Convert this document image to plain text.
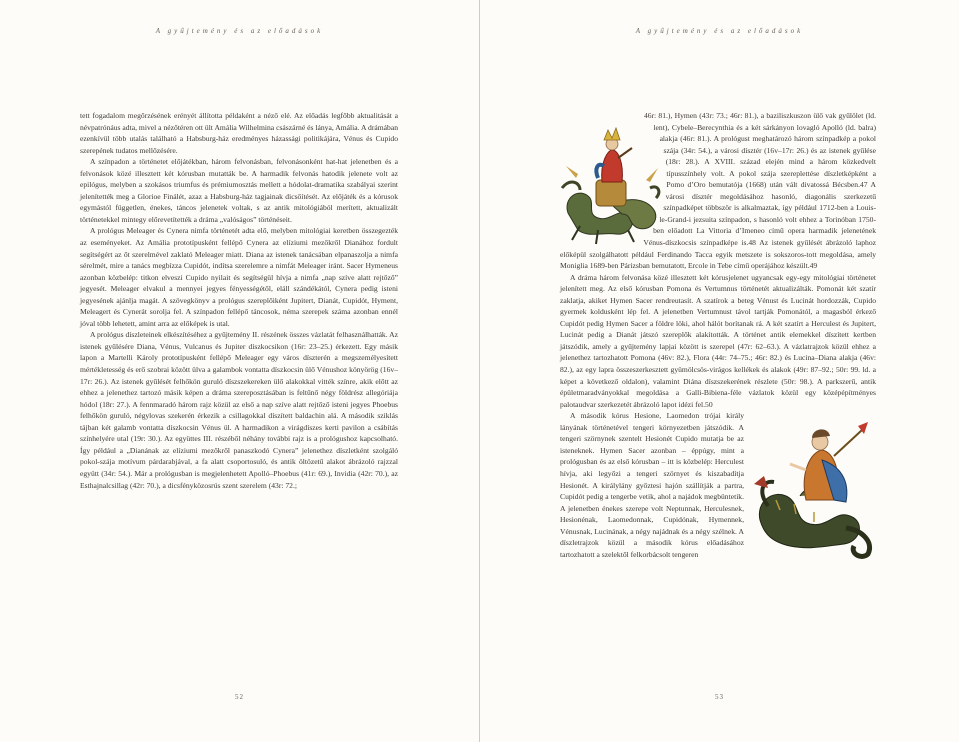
A gyűjtemény és az előadások

tett fogadalom megőrzésének erényét állította példaként a néző elé. Az előadás legfőbb aktualitását a névpatrónáus adta, mivel a nézőtéren ott ült Amália Wilhelmina császárné és lánya, Amália. A drámában ezenkívül több utalás található a Habsburg-ház eredményes házassági politikájára, Vénus és Cupido szerepének tudatos mellőzésére.

A színpadon a történetet előjátékban, három felvonásban, felvonásonként hat-hat jelenetben és a felvonások közé illesztett két kórusban mutatták be. A harmadik felvonás hatodik jelenete volt az epilógus, melyben a szokásos triumfus és prémiumosztás mellett a hódolat-dramatika szabályai szerint jelenítették meg a Glorioe Finálét, azaz a Habsburg-ház tagjainak dicsőítését. Az előjáték és a kórusok egymástól független, énekes, táncos jelenetek voltak, s az antik mitológiából merített, aktualizált történetekkel mintegy előrevetítették a dráma „valóságos” történéseit.

A prológus Meleager és Cynera nimfa történetét adta elő, melyben mitológiai keretben összegezték az eseményeket. Az Amália prototípusként fellépő Cynera az elíziumi mezőkről Dianához fordult segítségért az őt szerelmével zaklató Meleager miatt. Diana az istenek tanácsában elpanaszolja a nimfa sérelmét, mire a tanács megbízza Cupidót, indítsa szerelemre a nimfát Meleager iránt. Sacer Hymeneus azonban közbelép: titkon elveszi Cupido nyilait és segítségül hívja a nimfa „nap szíve alatt rejtőző” jegyesét. Meleager elvakul a mennyei jegyes fényességétől, eláll szándékától, Cynera pedig isteni jegyesének ajánlja magát. A szövegkönyv a prológus szereplőiként Jupitert, Dianát, Cupidót, Hyment, Meleagert és Cynerát sorolja fel. A színpadon fellépő táncosok, néma szerepek száma azonban ennél jóval több lehetett, amint arra az előképek is utal.

A prológus díszleteinek elkészítéséhez a gyűjtemény II. részének összes vázlatát felhasználhatták. Az istenek gyűlésére Diana, Vénus, Vulcanus és Jupiter díszkocsikon (16r: 23–25.) érkezett. Egy másik lapon a Martelli Károly prototípusként fellépő Meleager egy város díszterén a megszemélyesített mértékletesség és erő szobrai között ülva a galambok vontatta díszkocsin ülő Vénushoz könyörög (16v–17r: 26.). Az istenek gyűlését felhőkön guruló díszszekereken ülő alakokkal vitték színre, akik előtt az ehhez a jelenethez tartozó másik képen a dráma szereposztásában is feltűnő négy földrész allegóriája hódol (18r: 27.). A fennmaradó három rajz közül az első a nap szíve alatt rejtőző isteni jegyes Phoebus felhőkön guruló, négylovas szekerén érkezik a csillagokkal díszített baldachin alá. A második sziklás tájban két galamb vontatta díszkocsin Vénus ül. A harmadikon a virágdíszes kerti pavilon a csábítás színhelyére utal (19r: 30.). Az együttes III. részéből néhány további rajz is a prológushoz kapcsolható. Így például a „Dianának az elíziumi mezőkről panaszkodó Cynera” jelenethez díszletként szolgáló pokol-szája motívum párdarabjával, a fa alatt csoportosuló, és antik öltözetű alakot ábrázoló rajzzal együtt (34r: 54.). Már a prológusban is megjelenhetett Apolló–Phoebus (41r: 69.), Invidia (42r: 70.), az Esthajnalcsillag (42r: 70.), a dicsfényközosrús szent szerelem (43r: 72.;

52
A gyűjtemény és az előadások

46r: 81.), Hymen (43r: 73.; 46r: 81.), a baziliszkuszon ülő vak gyűlölet (ld. lent), Cybele–Berecynthia és a két sárkányon lovagló Apolló (ld. balra) alakja (46r: 81.). A prológust meghatározó három színpadkép a pokol szája (34r: 54.), a városi dísztér (16v–17r: 26.) és az istenek gyűlése (18r: 28.). A XVIII. század elején mind a három közkedvelt típusszínhely volt. A pokol szája szereplettése díszletképként a Pomo d’Oro bemutatója (1668) után vált divatossá Bécsben.47 A városi dísztér megoldásához hasonló, diagonális szerkezetű színpadképet többször is alkalmaztak, így például 1712-ben a Louis-le-Grand-i jezsuita színpadon, s hasonló volt ehhez a Torinóban 1750-ben előadott La Vittoria d’Imeneo című opera harmadik jelenetének Vénus-díszkocsis színpadképe is.48 Az istenek gyűlését ábrázoló laphoz előképül szolgálhatott például Ferdinando Tacca egyik metszete is sokszoros-tott megoldása, amely Moniglia 1689-ben Párizsban bemutatott, Ercole in Tebe című operájához készült.49

A dráma három felvonása közé illesztett két kórusjelenet ugyancsak egy-egy mitológiai történetet jelenített meg. Az első kórusban Pomona és Vertumnus történetét aktualizálták. Pomonát két szatír zaklatja, akiket Hymen Sacer rendreutasít. A szatírok a beteg Vénust és Lucinát hordozzák, Cupido gyermek koldusként lép fel. A jelenetben Vertumnust távol tartják Pomonától, a magasból érkező Cupidót pedig Hymen Sacer a földre löki, ahol hálót borítanak rá. A két szatírt a Herculest és Jupitert, Lucinát pedig a Dianát játszó szereplők alakították. A történet antik elemekkel díszített kertben játszódik, amely a gyűjtemény lapjai között is szerepel (47r: 62–63.). A vázlatrajzok közül ehhez a jelenethez tartozhatott Pomona (46v: 82.), Flora (44r: 74–75.; 46r: 82.) és Lucina–Diana alakja (46v: 82.), az egy lapra összeszerkesztett gyümölcsös-virágos kellékek és alakok (49r: 87–92.; 50r: 99. ld. a képet a következő oldalon), valamint Diána díszszekerének részlete (50r: 98.). A parkszerű, antik épületmaradványokkal megoldása a Galli-Bibiena-féle vázlatok közül egy középépítményes palotaudvar szerkezetét ábrázoló lapot idézi fel.50

A második kórus Hesione, Laomedon trójai király lányának történetével tengeri környezetben játszódik. A tengeri szörnynek szentelt Hesionét Cupido mutatja be az isteneknek. Hymen Sacer azonban – éppúgy, mint a prológusban és az első kórusban – itt is közbelép: Herculest hívja, aki legyőzi a tengeri szörnyet és kiszabadítja Hesionét. A királylány győztesi hajón szállítják a partra, Cupidót pedig a tengerbe vetik, ahol a najádok megbüntetik. A jelenetben énekes szerepe volt Neptunnak, Herculesnek, Hesionénak, Laomedonnak, Cupidónak, Hymennek, Vénusnak, Lucinának, a négy najádnak és a négy szélnek. A díszletrajzok közül a második kórus előadásához tartozhatott a szelektől felkorbácsolt tengeren

53
